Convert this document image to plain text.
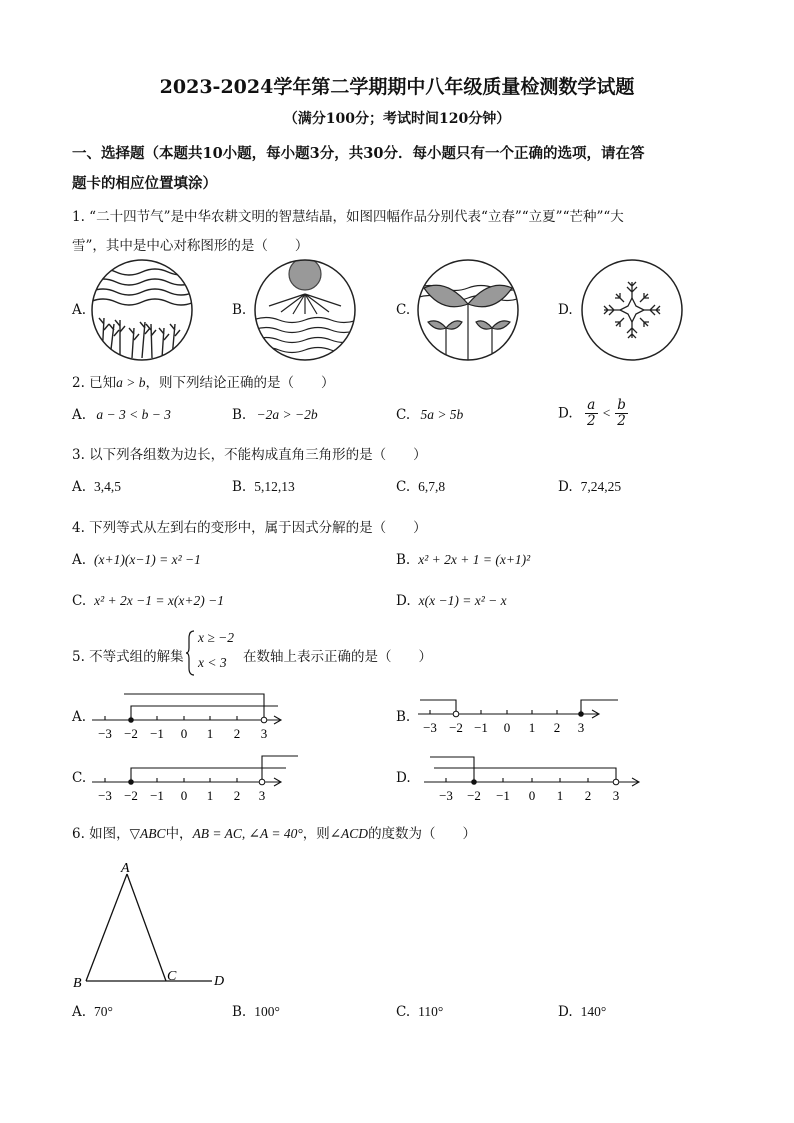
2023-2024学年第二学期期中八年级质量检测数学试题
（满分100分；考试时间120分钟）
一、选择题（本题共10小题，每小题3分，共30分．每小题只有一个正确的选项，请在答
题卡的相应位置填涂）
1. “二十四节气”是中华农耕文明的智慧结晶，如图四幅作品分别代表“立春”“立夏”“芒种”“大
雪”，其中是中心对称图形的是（　　）
A.	B.	C.	D.
2. 已知a > b，则下列结论正确的是（　　）
A. a − 3 < b − 3	B. −2a > −2b	C. 5a > 5b	D. $\frac{a}{2} < \frac{b}{2}$
3. 以下列各组数为边长，不能构成直角三角形的是（　　）
A. 3,4,5	B. 5,12,13	C. 6,7,8	D. 7,24,25
4. 下列等式从左到右的变形中，属于因式分解的是（　　）
A. (x+1)(x−1) = x² −1	B. x² + 2x + 1 = (x+1)²
C. x² + 2x −1 = x(x+2) −1	D. x(x −1) = x² − x
5. 不等式组的解集
x ≥ −2
x < 3 在数轴上表示正确的是（　　）
A.	B.
C.	D.
−3 −2 −1 0 1 2 3	−3 −2 −1 0 1 2 3
−3 −2 −1 0 1 2 3	−3 −2 −1 0 1 2 3
6. 如图，▽ABC中，AB = AC, ∠A = 40°，则∠ACD的度数为（　　）
A
B	C	D
A. 70°	B. 100°	C. 110°	D. 140°
